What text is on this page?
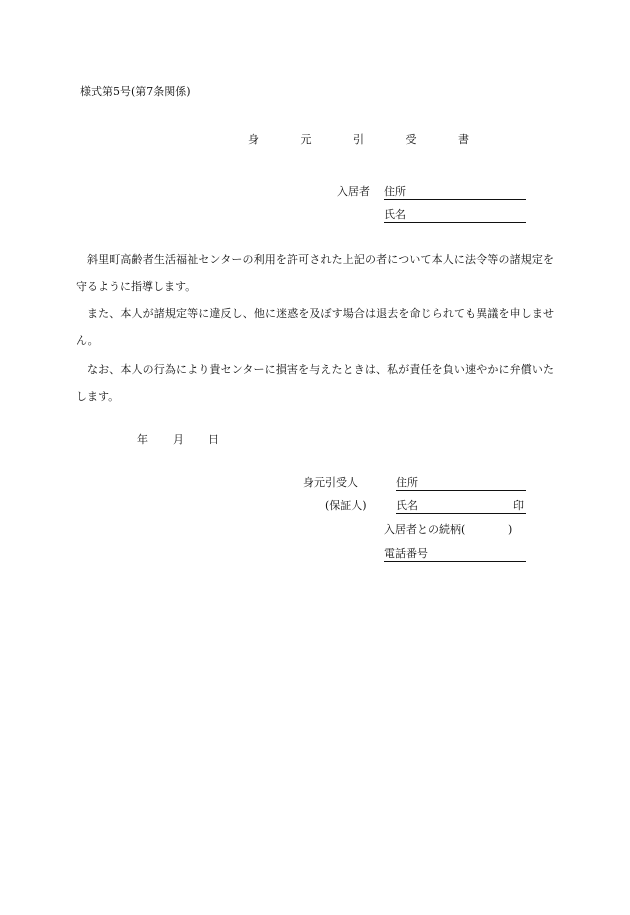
様式第5号(第7条関係)
身 元 引 受 書
入居者 住所
氏名
斜里町高齢者生活福祉センターの利用を許可された上記の者について本人に法令等の諸規定を守るように指導します。
また、本人が諸規定等に違反し、他に迷惑を及ぼす場合は退去を命じられても異議を申しません。
なお、本人の行為により貴センターに損害を与えたときは、私が責任を負い速やかに弁償いたします。
年 月 日
身元引受人	住所
(保証人)	氏名	印
入居者との続柄(	)
電話番号
